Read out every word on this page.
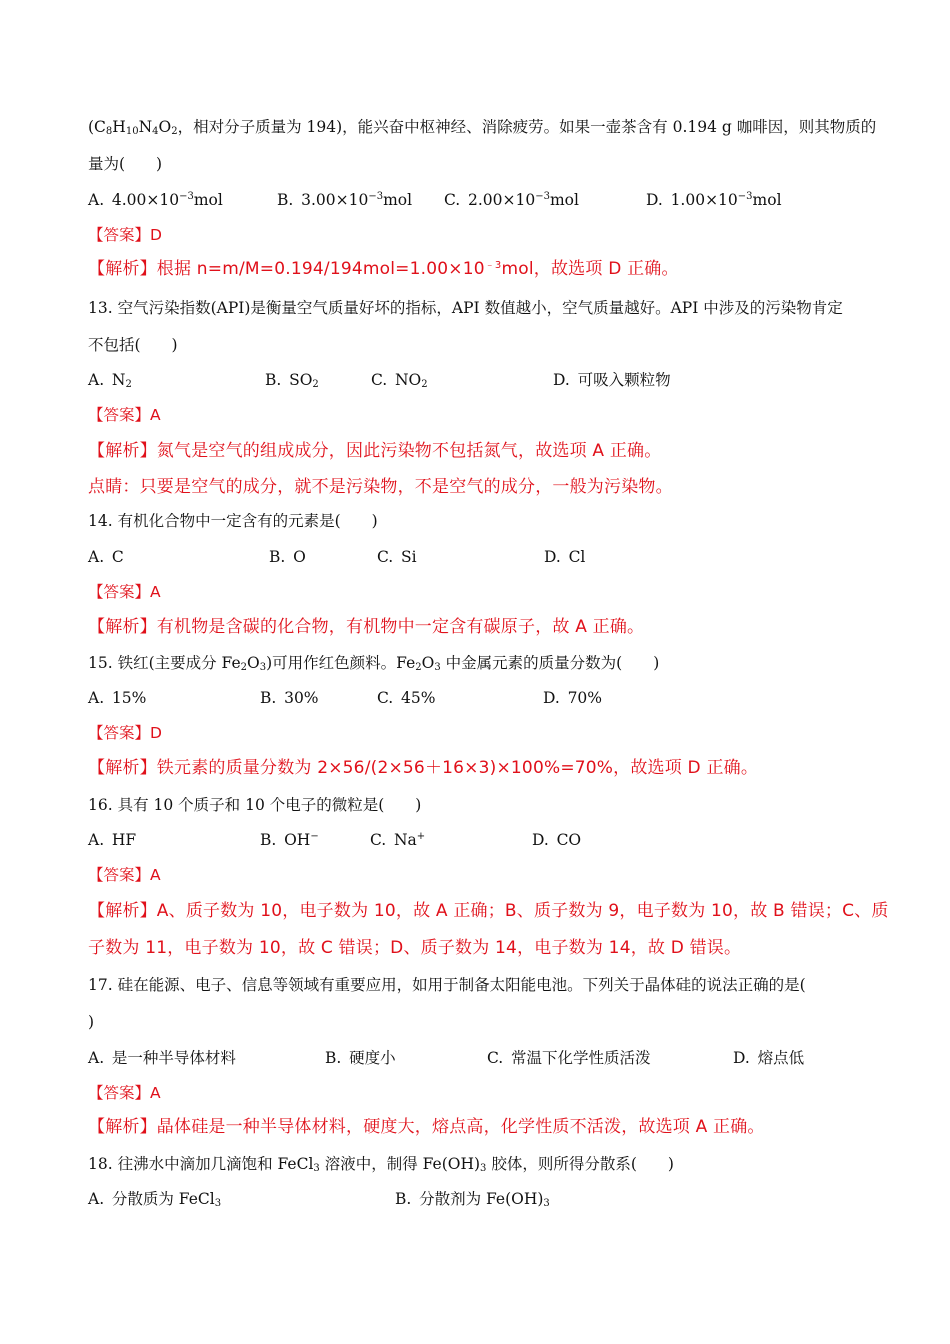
($C_8H_{10}N_4O_2$，相对分子质量为 194)，能兴奋中枢神经、消除疲劳。如果一壶茶含有 0.194 g 咖啡因，则其物质的
量为(　　)
A.  $4.00\times 10^{-3}mol$	B.  $3.00\times 10^{-3}mol$ C.  $2.00\times 10^{-3}mol$	D.  $1.00\times 10^{-3}mol$
【答案】D
【解析】根据 $n=m/M=0.194/194mol=1.00\times 10^{﹣3}mol$，故选项 D 正确。
13. 空气污染指数(API)是衡量空气质量好坏的指标，API 数值越小，空气质量越好。API 中涉及的污染物肯定
不包括(　　)
A.  $N_2$	B.  $SO_2$	C.  $NO_2$	D.  可吸入颗粒物
【答案】A
【解析】氮气是空气的组成成分，因此污染物不包括氮气，故选项 A 正确。
点睛：只要是空气的成分，就不是污染物，不是空气的成分，一般为污染物。
14. 有机化合物中一定含有的元素是(　　)
A.  C	B.  O	C.  Si	D.  Cl
【答案】A
【解析】有机物是含碳的化合物，有机物中一定含有碳原子，故 A 正确。
15. 铁红(主要成分 $Fe_2O_3$)可用作红色颜料。$Fe_2O_3$ 中金属元素的质量分数为(　　)
A.  15%	B.  30%	C.  45%	D.  70%
【答案】D
【解析】铁元素的质量分数为 2×56/(2×56＋16×3)×100%=70%，故选项 D 正确。
16. 具有 10 个质子和 10 个电子的微粒是(　　)
A.  HF	B.  OH−	C.  Na+	D.  CO
【答案】A
【解析】A、质子数为 10，电子数为 10，故 A 正确；B、质子数为 9，电子数为 10，故 B 错误；C、质
子数为 11，电子数为 10，故 C 错误；D、质子数为 14，电子数为 14，故 D 错误。
17. 硅在能源、电子、信息等领域有重要应用，如用于制备太阳能电池。下列关于晶体硅的说法正确的是(
)
A.  是一种半导体材料	B.  硬度小	C.  常温下化学性质活泼	D.  熔点低
【答案】A
【解析】晶体硅是一种半导体材料，硬度大，熔点高，化学性质不活泼，故选项 A 正确。
18. 往沸水中滴加几滴饱和 FeCl$_3$ 溶液中，制得 $Fe(OH)_3$ 胶体，则所得分散系(　　)
A.  分散质为 FeCl$_3$	B.  分散剂为 $Fe(OH)_3$
